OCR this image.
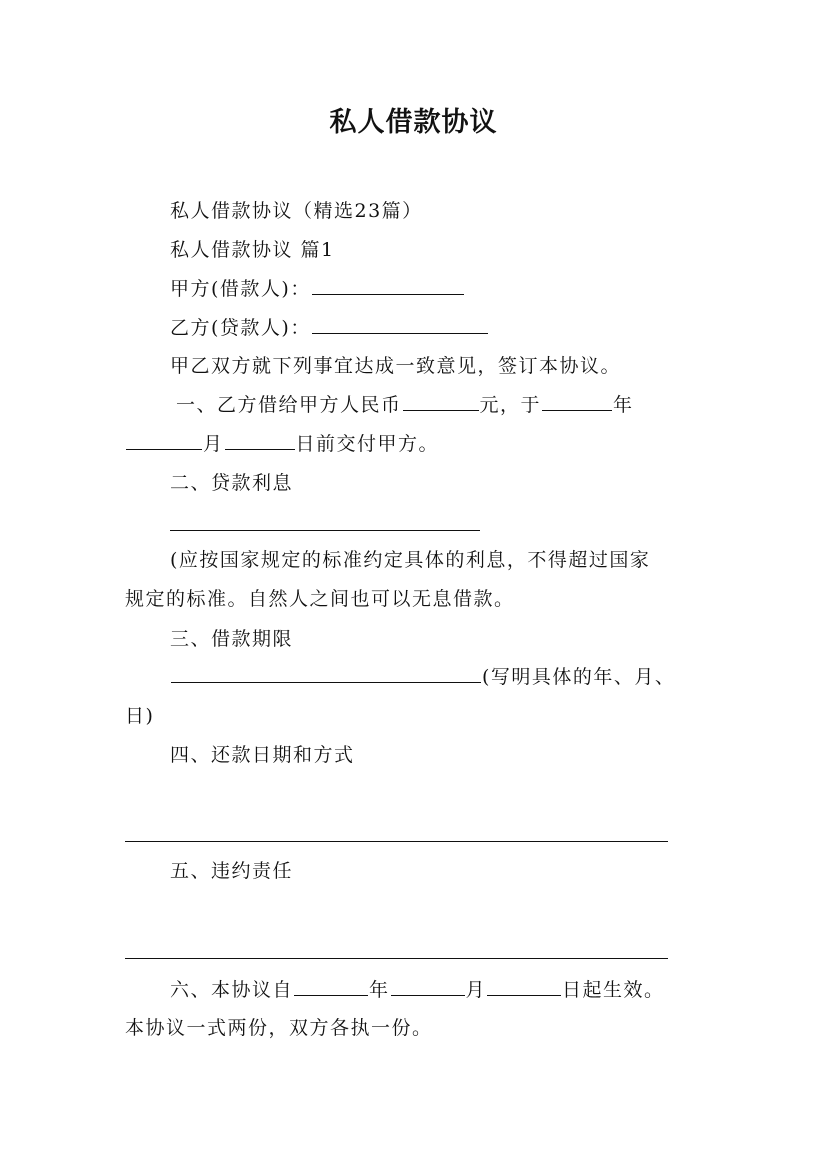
私人借款协议
私人借款协议（精选23篇）
私人借款协议 篇1
甲方(借款人)：
乙方(贷款人)：
甲乙双方就下列事宜达成一致意见，签订本协议。
一、乙方借给甲方人民币	元，于	年
月	日前交付甲方。
二、贷款利息
(应按国家规定的标准约定具体的利息，不得超过国家
规定的标准。自然人之间也可以无息借款。
三、借款期限
(写明具体的年、月、
日)
四、还款日期和方式
五、违约责任
六、本协议自	年	月	日起生效。
本协议一式两份，双方各执一份。
